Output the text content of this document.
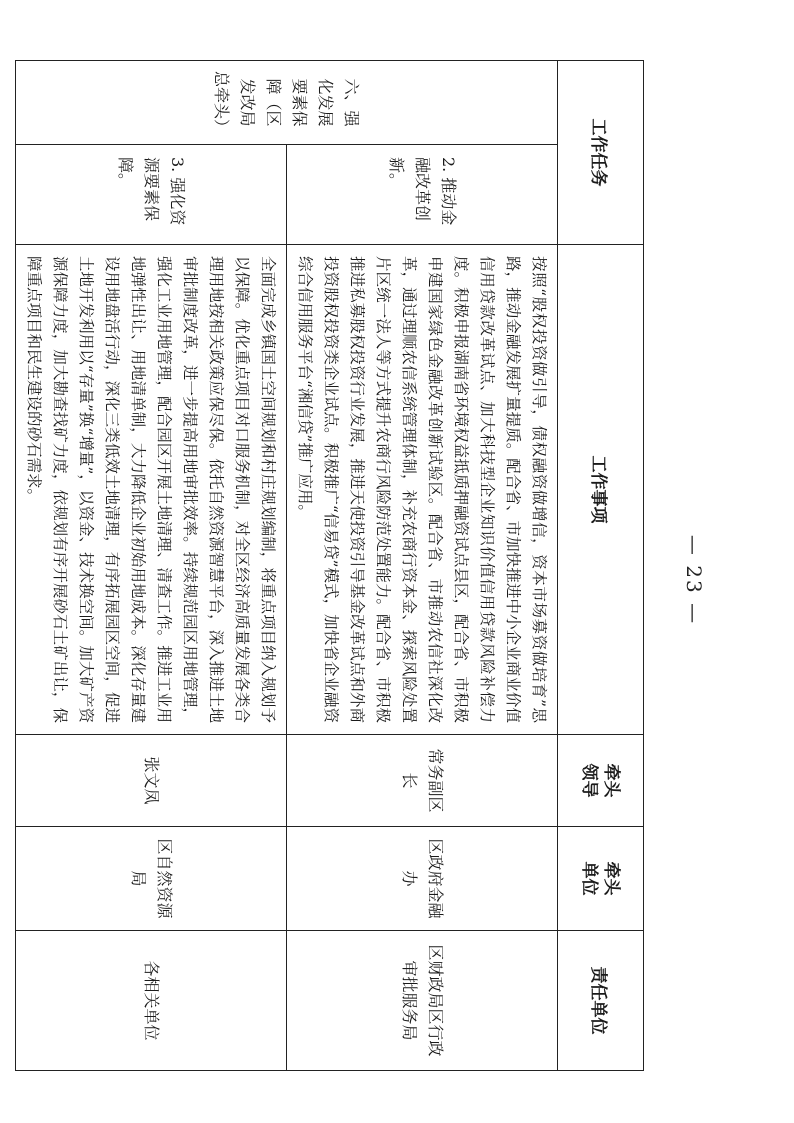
— 23 —
工作任务		工作事项	牵头领导	牵头单位	责任单位

六、强化发展要素保障（区发改局总牵头）	2. 推动金融改革创新。	按照“股权投资做引导，债权融资做增信，资本市场募资做培育”思路，推动金融发展扩量提质。配合省、市加快推进中小企业商业价值信用贷款改革试点、加大科技型企业知识价值信用贷款风险补偿力度。积极申报湖南省环境权益抵质押融资试点县区，配合省、市积极申建国家绿色金融改革创新试验区。配合省、市推动农信社深化改革，通过理顺农信系统管理体制，补充农商行资本金、探索风险处置片区统一法人等方式提升农商行风险防范处置能力。配合省、市积极推进私募股权投资行业发展，推进天使投资引导基金改革试点和外商投资股权投资类企业试点。积极推广“信易贷”模式，加快省企业融资综合信用服务平台“湘信贷”推广应用。	常务副区长	区政府金融办	区财政局区行政审批服务局

	3. 强化资源要素保障。	全面完成乡镇国土空间规划和村庄规划编制，将重点项目纳入规划予以保障。优化重点项目对口服务机制，对全区经济高质量发展各类合理用地按相关政策应保尽保。依托自然资源智慧平台，深入推进土地审批制度改革，进一步提高用地审批效率。持续规范园区用地管理，强化工业用地管理，配合园区开展土地清理、清查工作。推进工业用地弹性出让、用地清单制，大力降低企业初始用地成本。深化存量建设用地盘活行动，深化三类低效土地清理，有序拓展园区空间，促进土地开发利用以“存量”换“增量”，以资金、技术换空间。加大矿产资源保障力度，加大勘查找矿力度，依规划有序开展砂石土矿出让，保障重点项目和民生建设的砂石需求。	张文凤	区自然资源局	各相关单位
